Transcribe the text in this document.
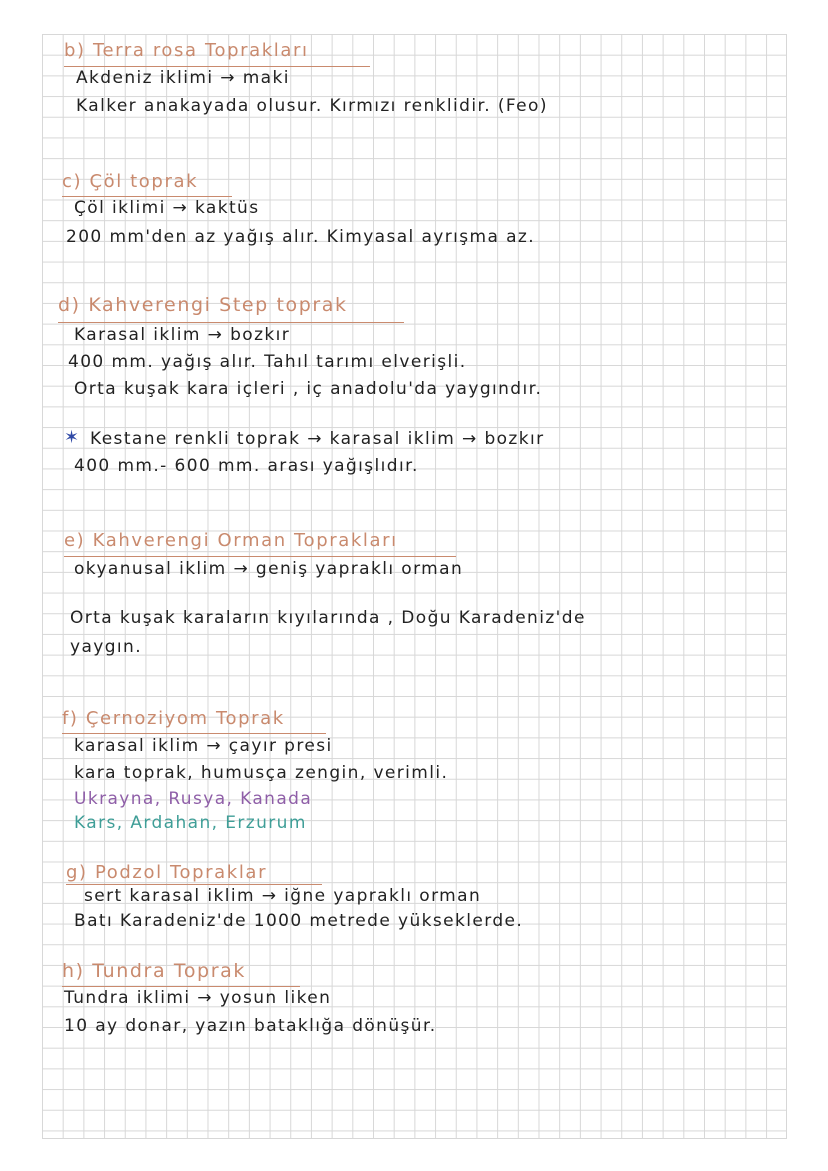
b) Terra rosa Toprakları
Akdeniz iklimi → maki
Kalker anakayada olusur. Kırmızı renklidir. (Feo)
c) Çöl toprak
Çöl iklimi → kaktüs
200 mm'den az yağış alır. Kimyasal ayrışma az.
d) Kahverengi Step toprak
Karasal iklim → bozkır
400 mm. yağış alır. Tahıl tarımı elverişli.
Orta kuşak kara içleri , iç anadolu'da yaygındır.
✶ Kestane renkli toprak → karasal iklim → bozkır
400 mm.- 600 mm. arası yağışlıdır.
e) Kahverengi Orman Toprakları
okyanusal iklim → geniş yapraklı orman
Orta kuşak karaların kıyılarında , Doğu Karadeniz'de
yaygın.
f) Çernoziyom Toprak
karasal iklim → çayır presi
kara toprak, humusça zengin, verimli.
Ukrayna, Rusya, Kanada
Kars, Ardahan, Erzurum
g) Podzol Topraklar
sert karasal iklim → iğne yapraklı orman
Batı Karadeniz'de 1000 metrede yükseklerde.
h) Tundra Toprak
Tundra iklimi → yosun liken
10 ay donar, yazın bataklığa dönüşür.
